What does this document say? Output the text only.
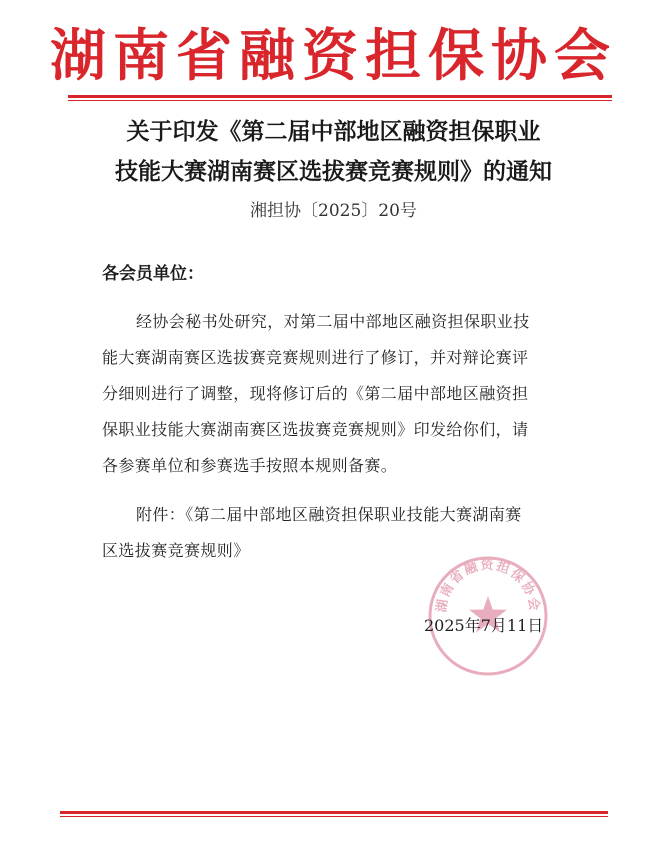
湖南省融资担保协会
关于印发《第二届中部地区融资担保职业
技能大赛湖南赛区选拔赛竞赛规则》的通知
湘担协〔2025〕20号
各会员单位：
经协会秘书处研究，对第二届中部地区融资担保职业技
能大赛湖南赛区选拔赛竞赛规则进行了修订，并对辩论赛评
分细则进行了调整，现将修订后的《第二届中部地区融资担
保职业技能大赛湖南赛区选拔赛竞赛规则》印发给你们，请
各参赛单位和参赛选手按照本规则备赛。
附件：《第二届中部地区融资担保职业技能大赛湖南赛
区选拔赛竞赛规则》
湖南省融资担保协会
2025年7月11日
